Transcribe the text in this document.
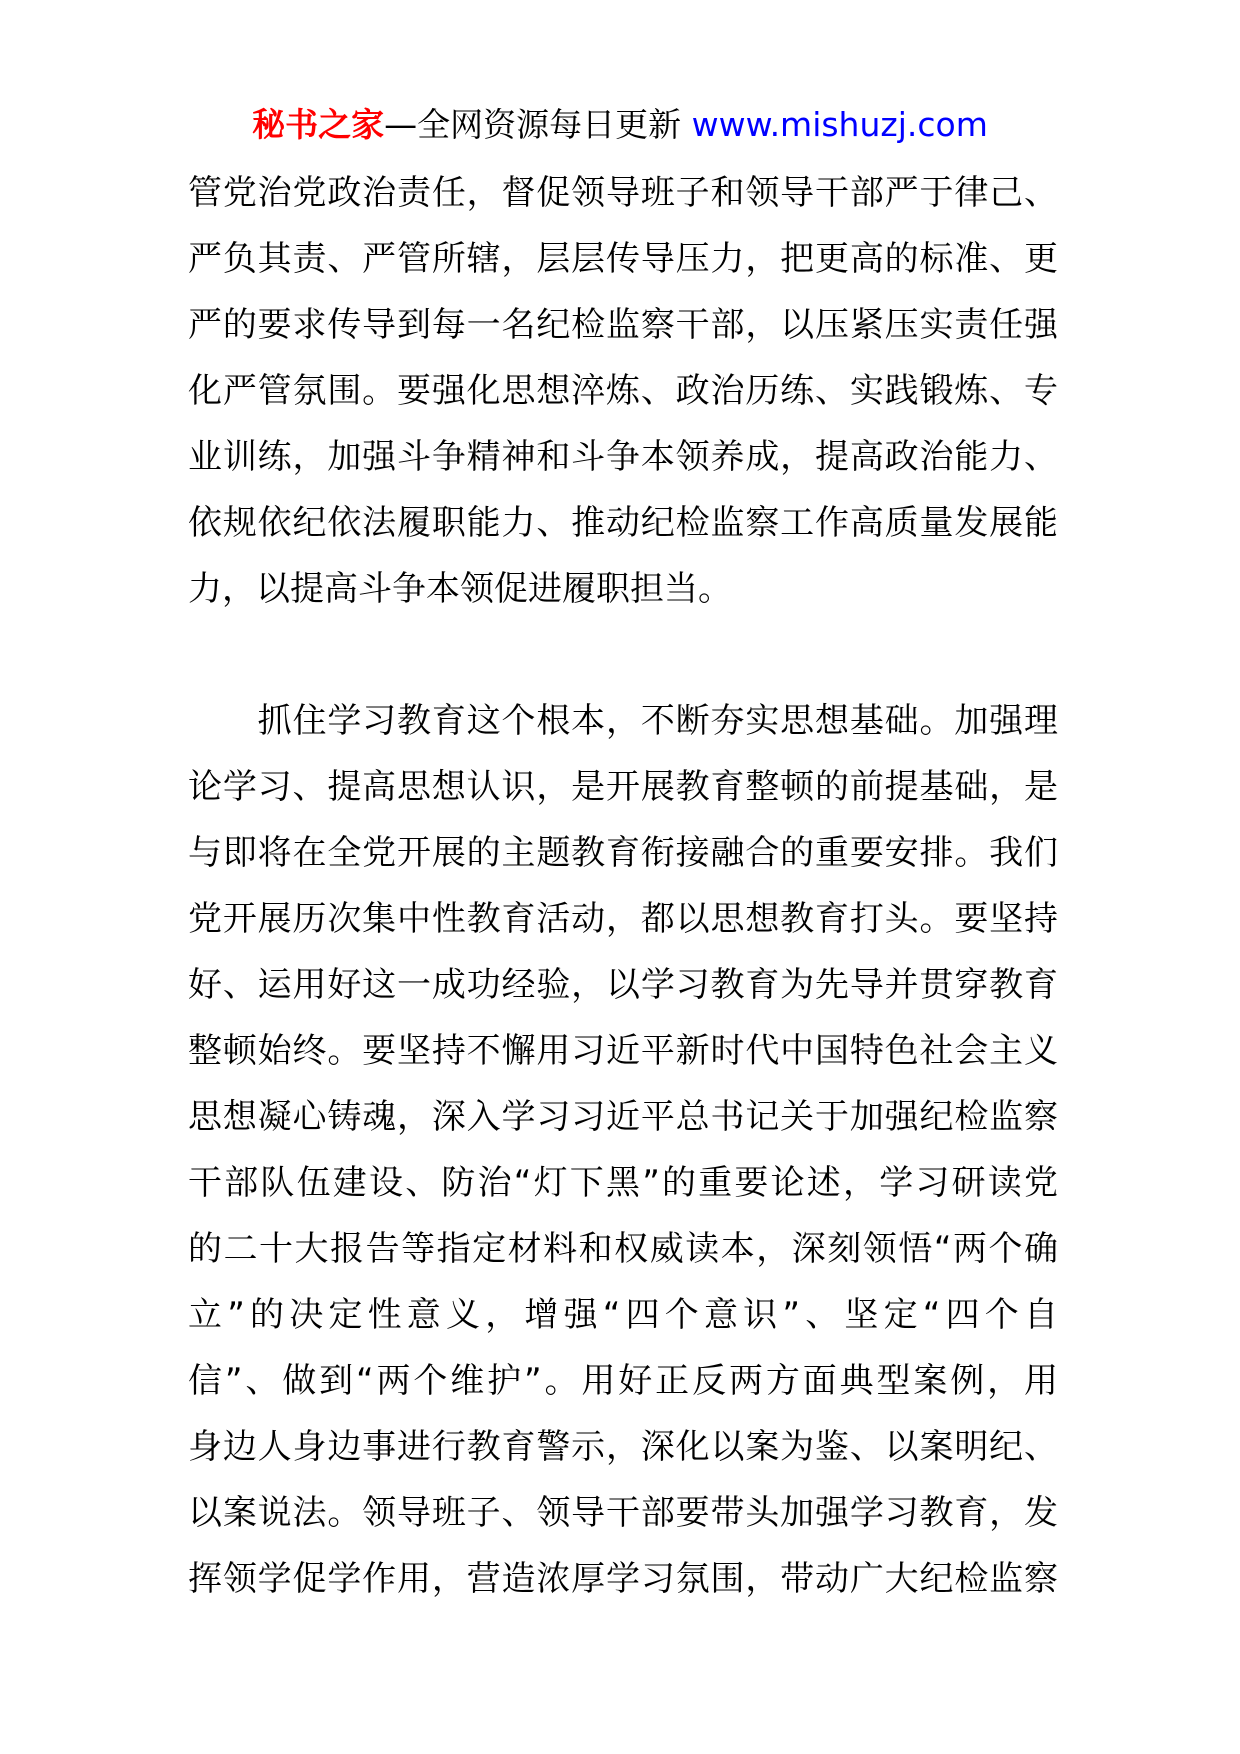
秘书之家—全网资源每日更新 www.mishuzj.com

管党治党政治责任，督促领导班子和领导干部严于律己、
严负其责、严管所辖，层层传导压力，把更高的标准、更
严的要求传导到每一名纪检监察干部，以压紧压实责任强
化严管氛围。要强化思想淬炼、政治历练、实践锻炼、专
业训练，加强斗争精神和斗争本领养成，提高政治能力、
依规依纪依法履职能力、推动纪检监察工作高质量发展能
力，以提高斗争本领促进履职担当。

　　抓住学习教育这个根本，不断夯实思想基础。加强理
论学习、提高思想认识，是开展教育整顿的前提基础，是
与即将在全党开展的主题教育衔接融合的重要安排。我们
党开展历次集中性教育活动，都以思想教育打头。要坚持
好、运用好这一成功经验，以学习教育为先导并贯穿教育
整顿始终。要坚持不懈用习近平新时代中国特色社会主义
思想凝心铸魂，深入学习习近平总书记关于加强纪检监察
干部队伍建设、防治“灯下黑”的重要论述，学习研读党
的二十大报告等指定材料和权威读本，深刻领悟“两个确
立”的决定性意义，增强“四个意识”、坚定“四个自
信”、做到“两个维护”。用好正反两方面典型案例，用
身边人身边事进行教育警示，深化以案为鉴、以案明纪、
以案说法。领导班子、领导干部要带头加强学习教育，发
挥领学促学作用，营造浓厚学习氛围，带动广大纪检监察
